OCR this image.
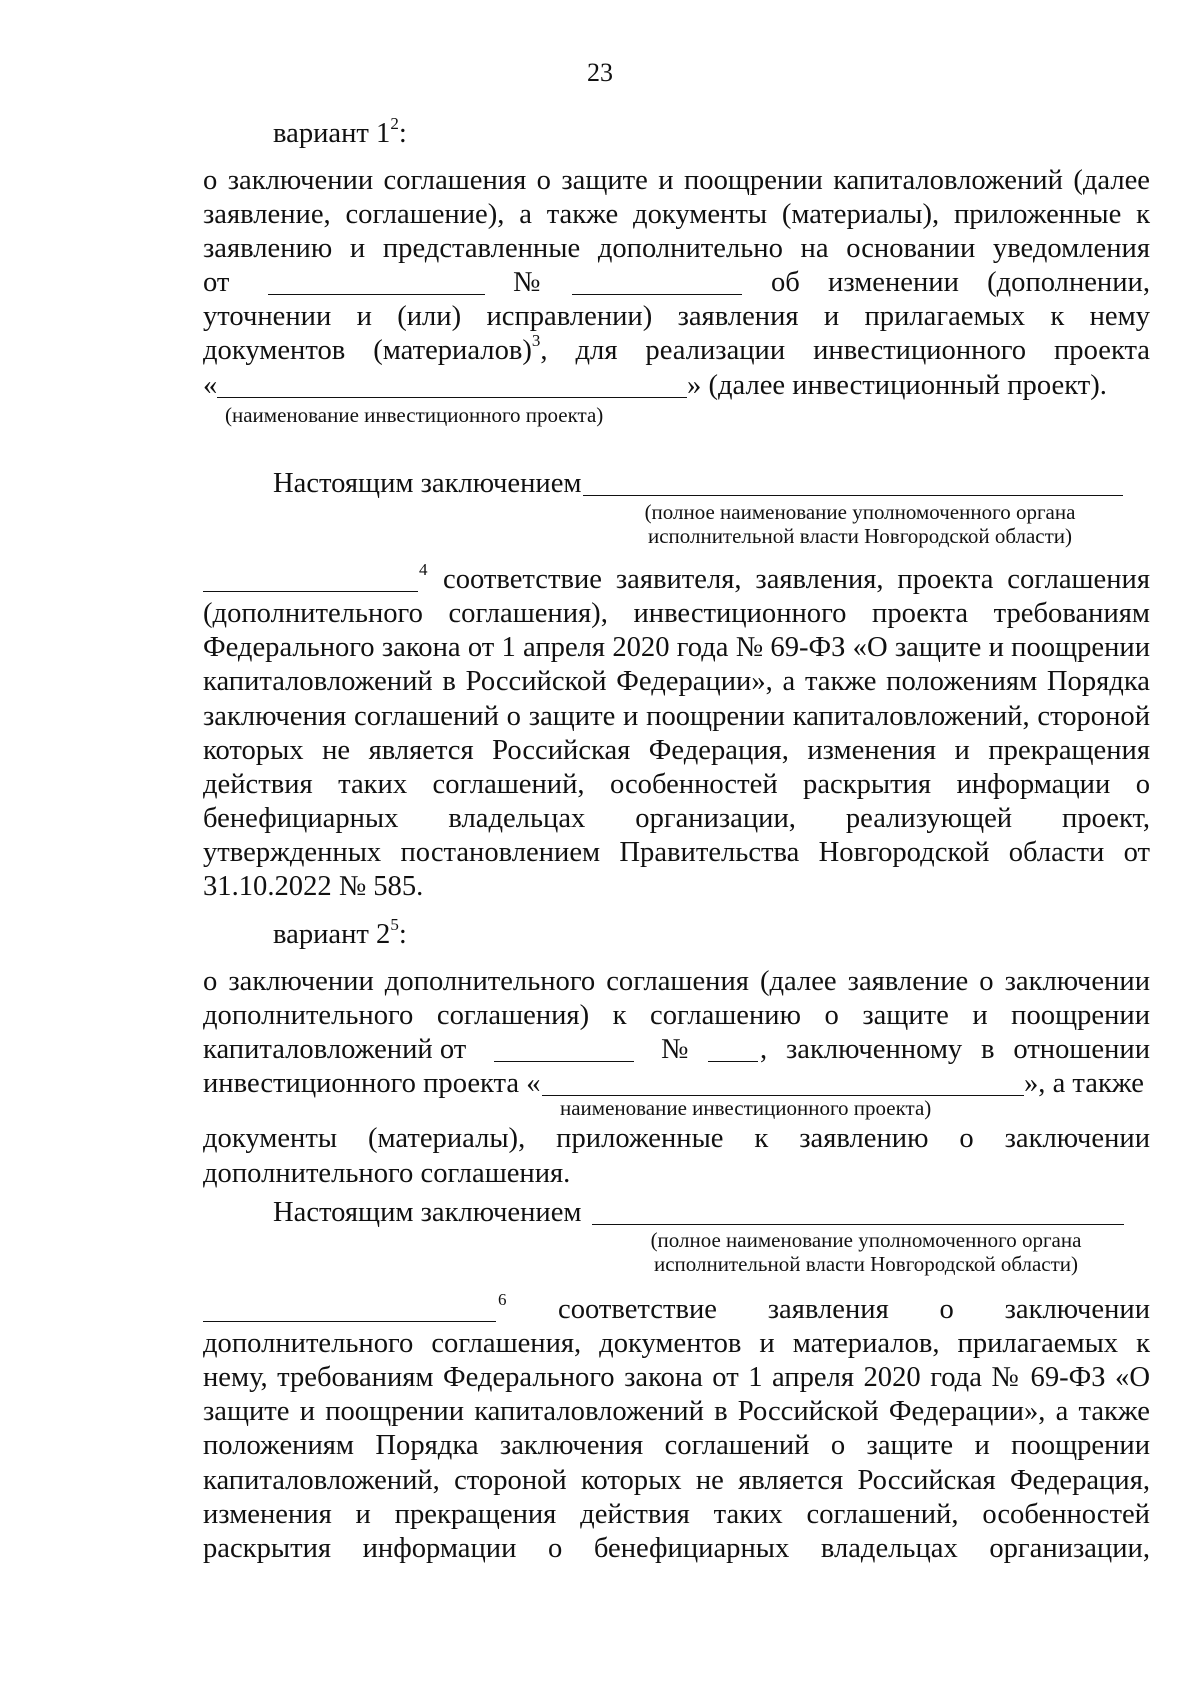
23
вариант $1^2$:
о заключении соглашения о защите и поощрении капиталовложений (далее
заявление, соглашение), а также документы (материалы), приложенные к
заявлению и представленные дополнительно на основании уведомления
от	№	об изменении (дополнении,
уточнении и (или) исправлении) заявления и прилагаемых к нему
документов (материалов)$^3$, для реализации инвестиционного проекта
«	» (далее инвестиционный проект).
(наименование инвестиционного проекта)
Настоящим заключением
(полное наименование уполномоченного органа
исполнительной власти Новгородской области)
4 соответствие заявителя, заявления, проекта соглашения
(дополнительного соглашения), инвестиционного проекта требованиям
Федерального закона от 1 апреля 2020 года № 69-ФЗ «О защите и поощрении
капиталовложений в Российской Федерации», а также положениям Порядка
заключения соглашений о защите и поощрении капиталовложений, стороной
которых не является Российская Федерация, изменения и прекращения
действия таких соглашений, особенностей раскрытия информации о
бенефициарных владельцах организации, реализующей проект,
утвержденных постановлением Правительства Новгородской области от
31.10.2022 № 585.
вариант $2^5$:
о заключении дополнительного соглашения (далее заявление о заключении
дополнительного соглашения) к соглашению о защите и поощрении
капиталовложений от	№	, заключенному в отношении
инвестиционного проекта «	», а также
наименование инвестиционного проекта)
документы (материалы), приложенные к заявлению о заключении
дополнительного соглашения.
Настоящим заключением
(полное наименование уполномоченного органа
исполнительной власти Новгородской области)
6 соответствие заявления о заключении
дополнительного соглашения, документов и материалов, прилагаемых к
нему, требованиям Федерального закона от 1 апреля 2020 года № 69-ФЗ «О
защите и поощрении капиталовложений в Российской Федерации», а также
положениям Порядка заключения соглашений о защите и поощрении
капиталовложений, стороной которых не является Российская Федерация,
изменения и прекращения действия таких соглашений, особенностей
раскрытия информации о бенефициарных владельцах организации,
